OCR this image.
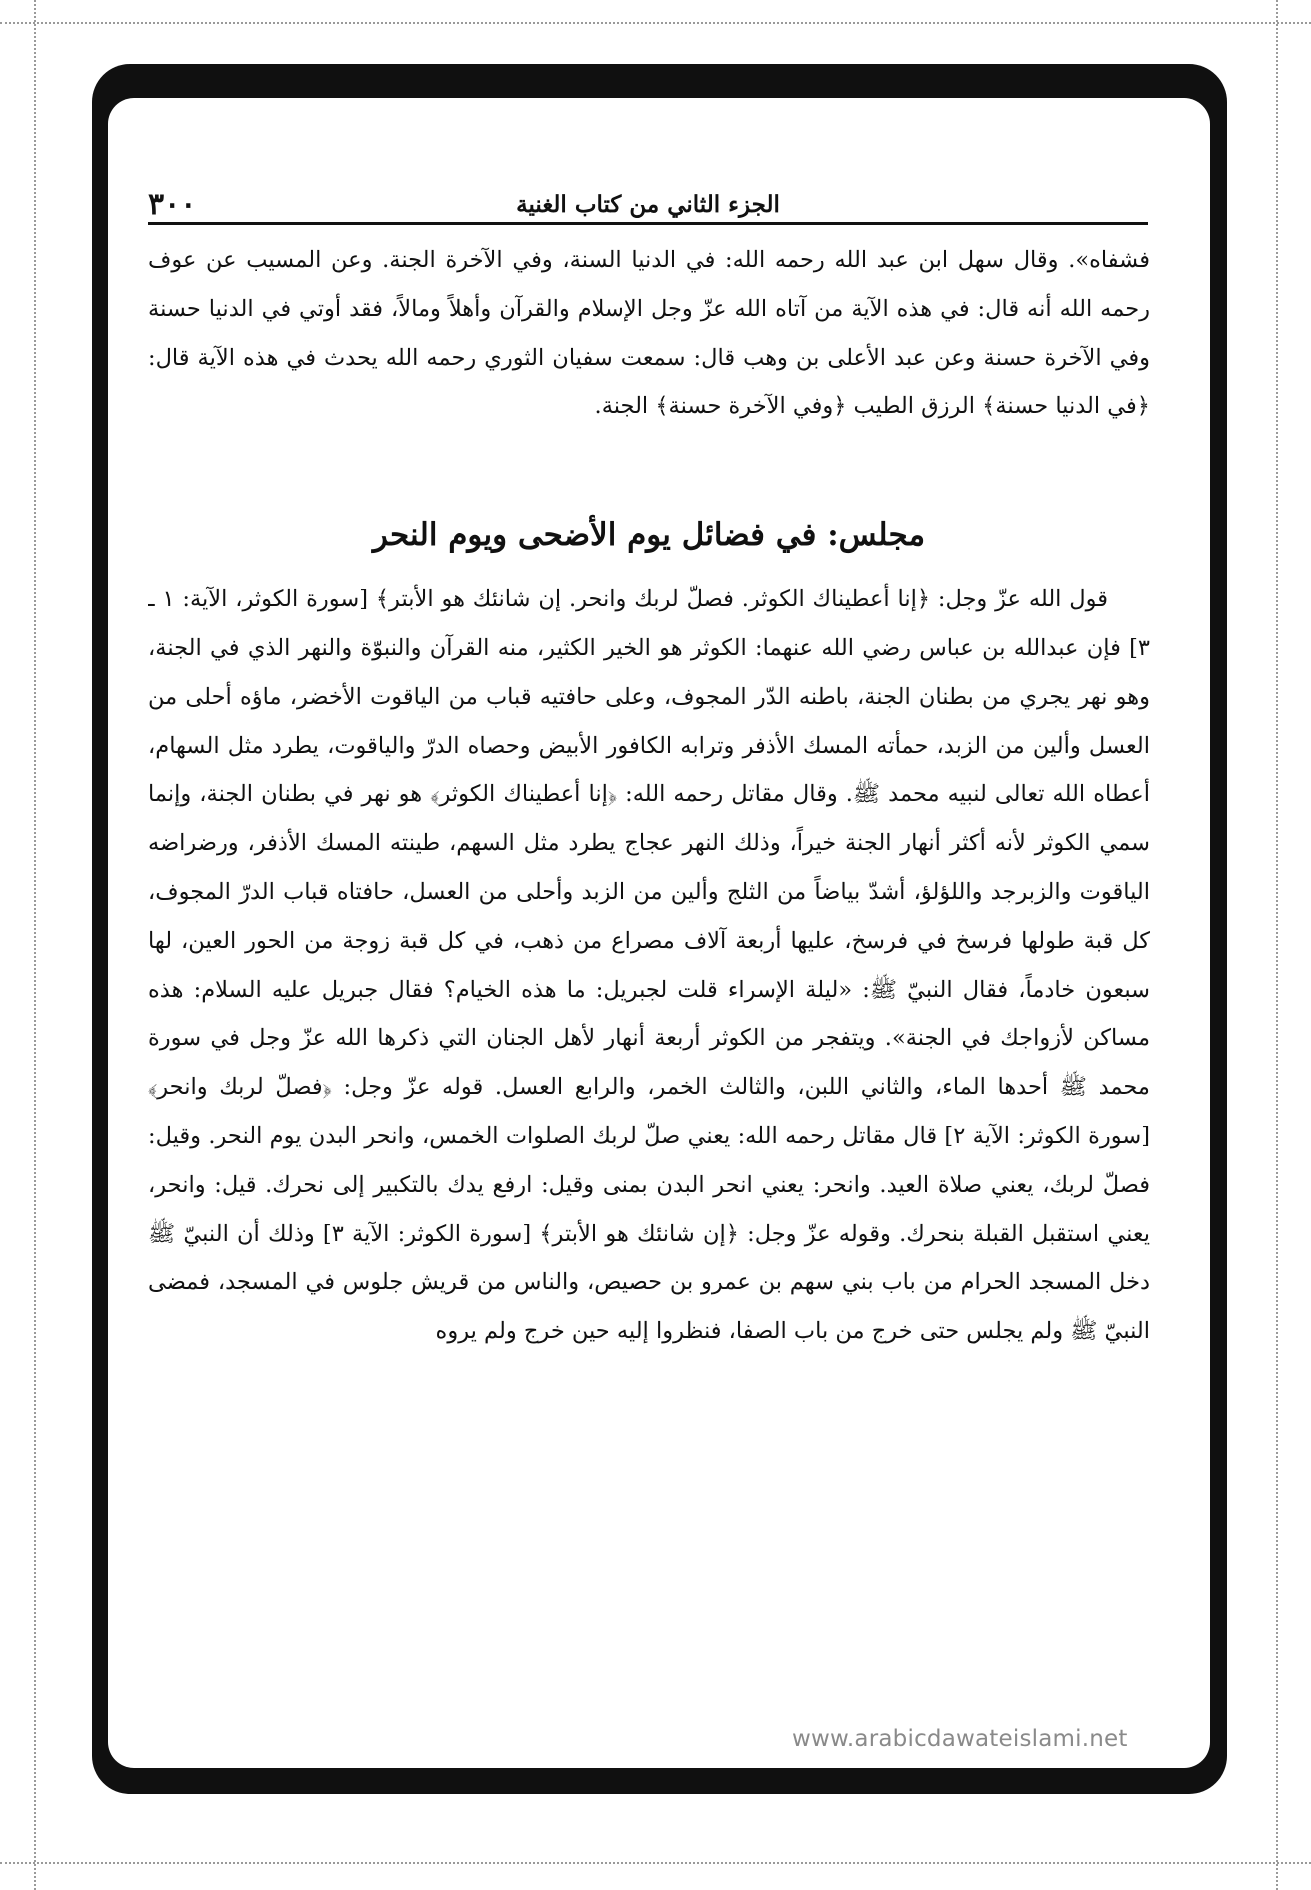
٣٠٠	الجزء الثاني من كتاب الغنية

فشفاه». وقال سهل ابن عبد الله رحمه الله: في الدنيا السنة، وفي الآخرة الجنة. وعن المسيب عن عوف رحمه الله أنه قال: في هذه الآية من آتاه الله عزّ وجل الإسلام والقرآن وأهلاً ومالاً، فقد أوتي في الدنيا حسنة وفي الآخرة حسنة وعن عبد الأعلى بن وهب قال: سمعت سفيان الثوري رحمه الله يحدث في هذه الآية قال: ﴿في الدنيا حسنة﴾ الرزق الطيب ﴿وفي الآخرة حسنة﴾ الجنة.

مجلس: في فضائل يوم الأضحى ويوم النحر

قول الله عزّ وجل: ﴿إنا أعطيناك الكوثر. فصلّ لربك وانحر. إن شانئك هو الأبتر﴾ [سورة الكوثر، الآية: ١ ـ ٣] فإن عبدالله بن عباس رضي الله عنهما: الكوثر هو الخير الكثير، منه القرآن والنبوّة والنهر الذي في الجنة، وهو نهر يجري من بطنان الجنة، باطنه الدّر المجوف، وعلى حافتيه قباب من الياقوت الأخضر، ماؤه أحلى من العسل وألين من الزبد، حمأته المسك الأذفر وترابه الكافور الأبيض وحصاه الدرّ والياقوت، يطرد مثل السهام، أعطاه الله تعالى لنبيه محمد ﷺ. وقال مقاتل رحمه الله: ﴿إنا أعطيناك الكوثر﴾ هو نهر في بطنان الجنة، وإنما سمي الكوثر لأنه أكثر أنهار الجنة خيراً، وذلك النهر عجاج يطرد مثل السهم، طينته المسك الأذفر، ورضراضه الياقوت والزبرجد واللؤلؤ، أشدّ بياضاً من الثلج وألين من الزبد وأحلى من العسل، حافتاه قباب الدرّ المجوف، كل قبة طولها فرسخ في فرسخ، عليها أربعة آلاف مصراع من ذهب، في كل قبة زوجة من الحور العين، لها سبعون خادماً، فقال النبيّ ﷺ: «ليلة الإسراء قلت لجبريل: ما هذه الخيام؟ فقال جبريل عليه السلام: هذه مساكن لأزواجك في الجنة». ويتفجر من الكوثر أربعة أنهار لأهل الجنان التي ذكرها الله عزّ وجل في سورة محمد ﷺ أحدها الماء، والثاني اللبن، والثالث الخمر، والرابع العسل. قوله عزّ وجل: ﴿فصلّ لربك وانحر﴾ [سورة الكوثر: الآية ٢] قال مقاتل رحمه الله: يعني صلّ لربك الصلوات الخمس، وانحر البدن يوم النحر. وقيل: فصلّ لربك، يعني صلاة العيد. وانحر: يعني انحر البدن بمنى وقيل: ارفع يدك بالتكبير إلى نحرك. قيل: وانحر، يعني استقبل القبلة بنحرك. وقوله عزّ وجل: ﴿إن شانئك هو الأبتر﴾ [سورة الكوثر: الآية ٣] وذلك أن النبيّ ﷺ دخل المسجد الحرام من باب بني سهم بن عمرو بن حصيص، والناس من قريش جلوس في المسجد، فمضى النبيّ ﷺ ولم يجلس حتى خرج من باب الصفا، فنظروا إليه حين خرج ولم يروه

www.arabicdawateislami.net
